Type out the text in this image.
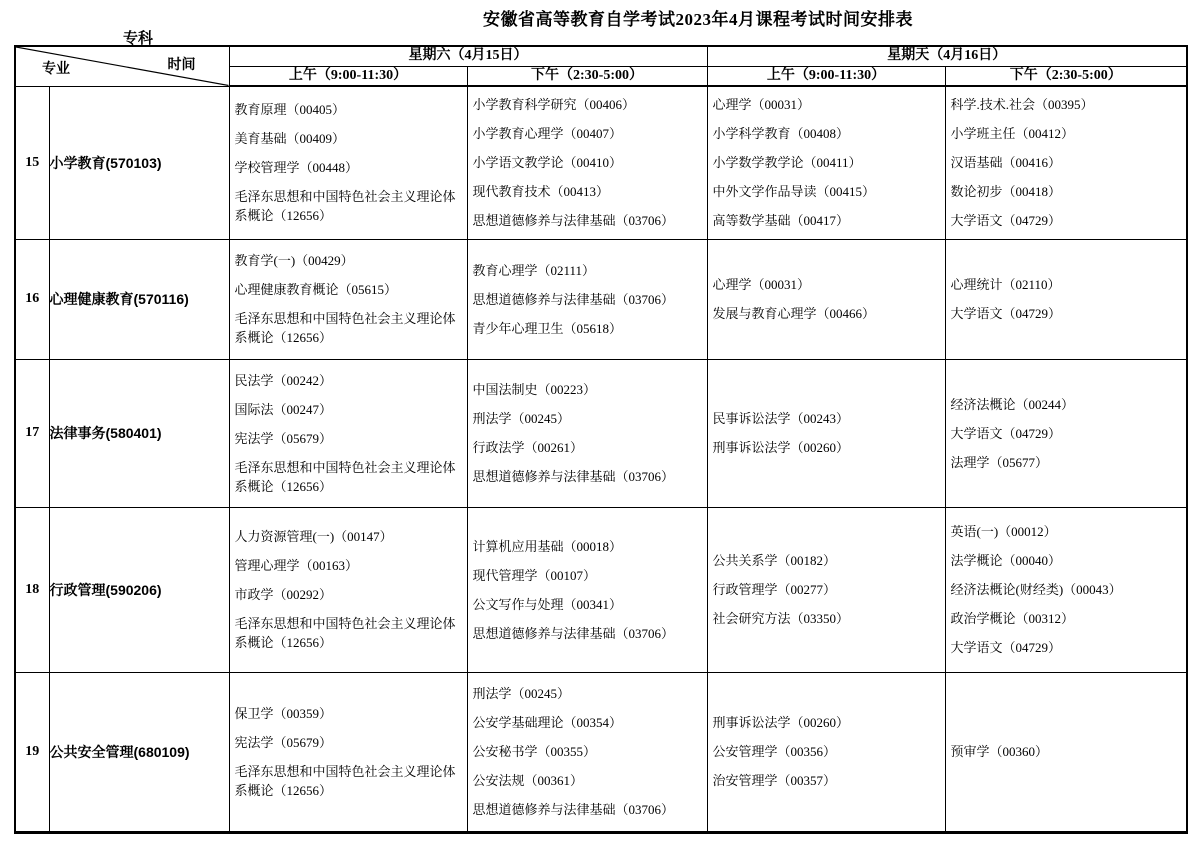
安徽省高等教育自学考试2023年4月课程考试时间安排表
专科
专业 时间		星期六（4月15日）		星期天（4月16日）	
		上午（9:00-11:30）	下午（2:30-5:00）	上午（9:00-11:30）	下午（2:30-5:00）
15	小学教育(570103)	
教育原理（00405）
美育基础（00409）
学校管理学（00448）
毛泽东思想和中国特色社会主义理论体系概论（12656）

小学教育科学研究（00406）
小学教育心理学（00407）
小学语文教学论（00410）
现代教育技术（00413）
思想道德修养与法律基础（03706）

心理学（00031）
小学科学教育（00408）
小学数学教学论（00411）
中外文学作品导读（00415）
高等数学基础（00417）

科学.技术.社会（00395）
小学班主任（00412）
汉语基础（00416）
数论初步（00418）
大学语文（04729）

16	心理健康教育(570116)	
教育学(一)（00429）
心理健康教育概论（05615）
毛泽东思想和中国特色社会主义理论体系概论（12656）

教育心理学（02111）
思想道德修养与法律基础（03706）
青少年心理卫生（05618）

心理学（00031）
发展与教育心理学（00466）

心理统计（02110）
大学语文（04729）

17	法律事务(580401)	
民法学（00242）
国际法（00247）
宪法学（05679）
毛泽东思想和中国特色社会主义理论体系概论（12656）

中国法制史（00223）
刑法学（00245）
行政法学（00261）
思想道德修养与法律基础（03706）

民事诉讼法学（00243）
刑事诉讼法学（00260）

经济法概论（00244）
大学语文（04729）
法理学（05677）

18	行政管理(590206)	
人力资源管理(一)（00147）
管理心理学（00163）
市政学（00292）
毛泽东思想和中国特色社会主义理论体系概论（12656）

计算机应用基础（00018）
现代管理学（00107）
公文写作与处理（00341）
思想道德修养与法律基础（03706）

公共关系学（00182）
行政管理学（00277）
社会研究方法（03350）

英语(一)（00012）
法学概论（00040）
经济法概论(财经类)（00043）
政治学概论（00312）
大学语文（04729）

19	公共安全管理(680109)	
保卫学（00359）
宪法学（05679）
毛泽东思想和中国特色社会主义理论体系概论（12656）

刑法学（00245）
公安学基础理论（00354）
公安秘书学（00355）
公安法规（00361）
思想道德修养与法律基础（03706）

刑事诉讼法学（00260）
公安管理学（00356）
治安管理学（00357）

预审学（00360）
